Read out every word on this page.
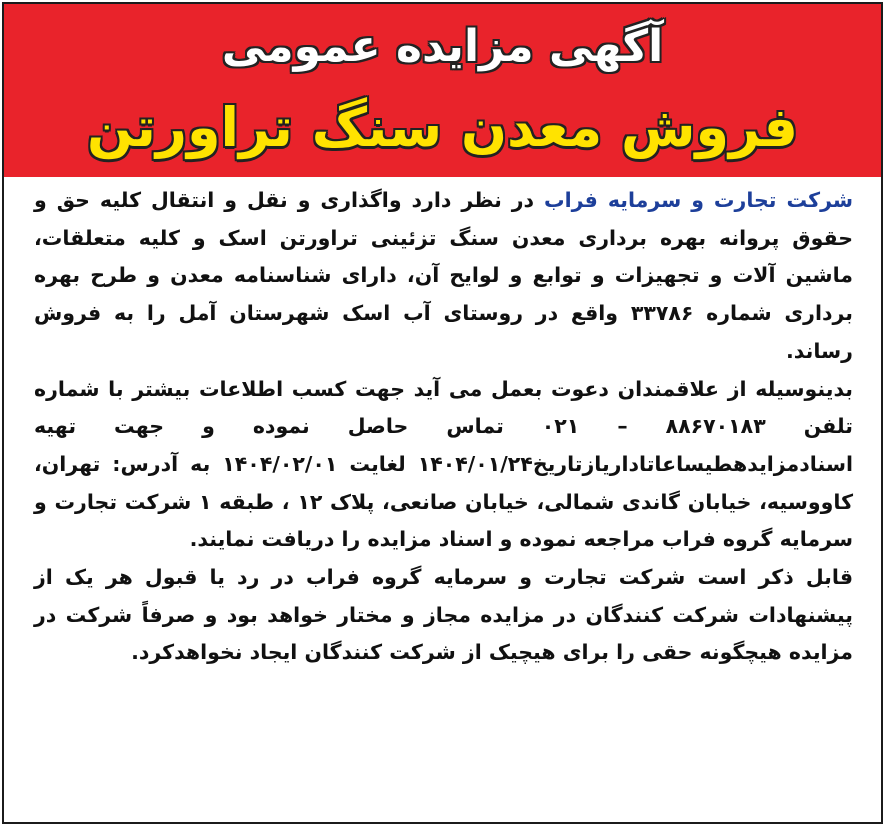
آگهی مزایده عمومی
فروش معدن سنگ تراورتن

شرکت تجارت و سرمایه فراب در نظر دارد واگذاری و نقل و انتقال کلیه حق و حقوق پروانه بهره برداری معدن سنگ تزئینی تراورتن اسک و کلیه متعلقات، ماشین آلات و تجهیزات و توابع و لوایح آن، دارای شناسنامه معدن و طرح بهره برداری شماره ۳۳۷۸۶ واقع در روستای آب اسک شهرستان آمل را به فروش رساند.

بدینوسیله از علاقمندان دعوت بعمل می آید جهت کسب اطلاعات بیشتر با شماره تلفن ۸۸۶۷۰۱۸۳ – ۰۲۱ تماس حاصل نموده و جهت تهیه اسنادمزایدهطیساعاتاداریازتاریخ۱۴۰۴/۰۱/۲۴ لغایت ۱۴۰۴/۰۲/۰۱ به آدرس: تهران، کاووسیه، خیابان گاندی شمالی، خیابان صانعی، پلاک ۱۲ ، طبقه ۱ شرکت تجارت و سرمایه گروه فراب مراجعه نموده و اسناد مزایده را دریافت نمایند.

قابل ذکر است شرکت تجارت و سرمایه گروه فراب در رد یا قبول هر یک از پیشنهادات شرکت کنندگان در مزایده مجاز و مختار خواهد بود و صرفاً شرکت در مزایده هیچگونه حقی را برای هیچیک از شرکت کنندگان ایجاد نخواهدکرد.
